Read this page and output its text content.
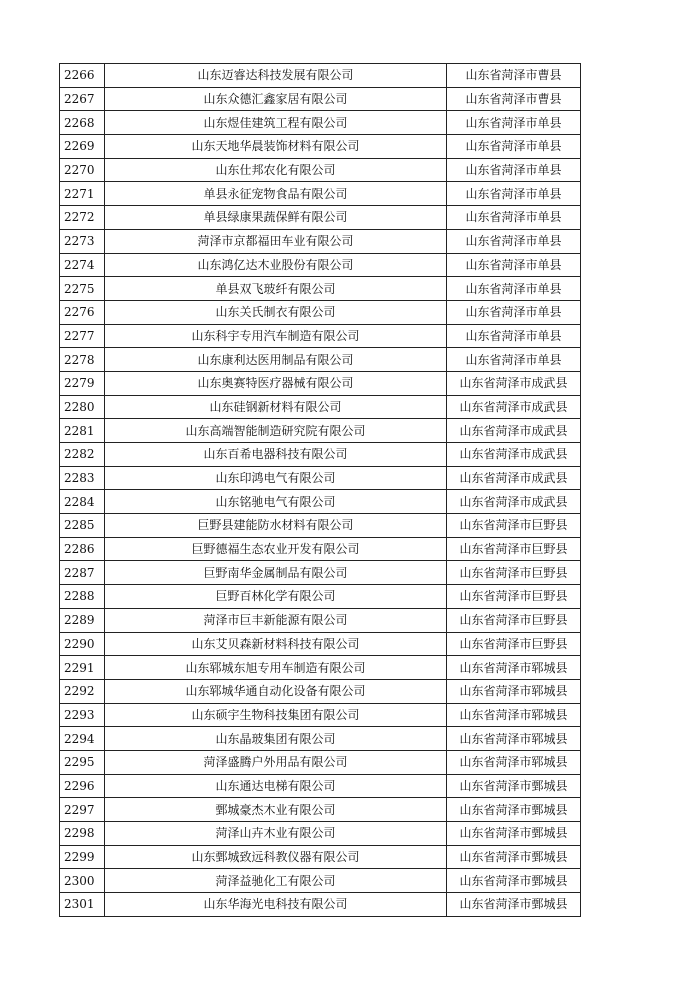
2266	山东迈睿达科技发展有限公司	山东省菏泽市曹县
2267	山东众德汇鑫家居有限公司	山东省菏泽市曹县
2268	山东煜佳建筑工程有限公司	山东省菏泽市单县
2269	山东天地华晨装饰材料有限公司	山东省菏泽市单县
2270	山东仕邦农化有限公司	山东省菏泽市单县
2271	单县永征宠物食品有限公司	山东省菏泽市单县
2272	单县绿康果蔬保鲜有限公司	山东省菏泽市单县
2273	菏泽市京都福田车业有限公司	山东省菏泽市单县
2274	山东鸿亿达木业股份有限公司	山东省菏泽市单县
2275	单县双飞玻纤有限公司	山东省菏泽市单县
2276	山东关氏制衣有限公司	山东省菏泽市单县
2277	山东科宇专用汽车制造有限公司	山东省菏泽市单县
2278	山东康利达医用制品有限公司	山东省菏泽市单县
2279	山东奥赛特医疗器械有限公司	山东省菏泽市成武县
2280	山东硅钢新材料有限公司	山东省菏泽市成武县
2281	山东高端智能制造研究院有限公司	山东省菏泽市成武县
2282	山东百希电器科技有限公司	山东省菏泽市成武县
2283	山东印鸿电气有限公司	山东省菏泽市成武县
2284	山东铭驰电气有限公司	山东省菏泽市成武县
2285	巨野县建能防水材料有限公司	山东省菏泽市巨野县
2286	巨野德福生态农业开发有限公司	山东省菏泽市巨野县
2287	巨野南华金属制品有限公司	山东省菏泽市巨野县
2288	巨野百林化学有限公司	山东省菏泽市巨野县
2289	菏泽市巨丰新能源有限公司	山东省菏泽市巨野县
2290	山东艾贝森新材料科技有限公司	山东省菏泽市巨野县
2291	山东郓城东旭专用车制造有限公司	山东省菏泽市郓城县
2292	山东郓城华通自动化设备有限公司	山东省菏泽市郓城县
2293	山东硕宇生物科技集团有限公司	山东省菏泽市郓城县
2294	山东晶玻集团有限公司	山东省菏泽市郓城县
2295	菏泽盛腾户外用品有限公司	山东省菏泽市郓城县
2296	山东通达电梯有限公司	山东省菏泽市鄄城县
2297	鄄城豪杰木业有限公司	山东省菏泽市鄄城县
2298	菏泽山卉木业有限公司	山东省菏泽市鄄城县
2299	山东鄄城致远科教仪器有限公司	山东省菏泽市鄄城县
2300	菏泽益驰化工有限公司	山东省菏泽市鄄城县
2301	山东华海光电科技有限公司	山东省菏泽市鄄城县
